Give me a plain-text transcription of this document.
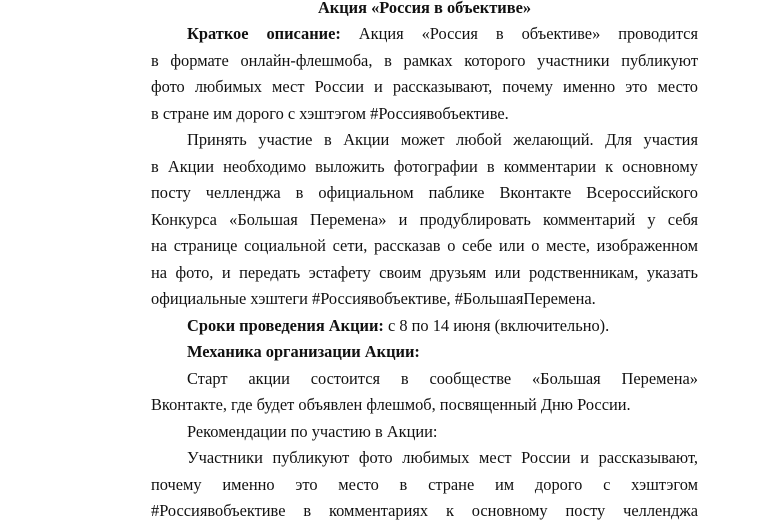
Акция «Россия в объективе»
Краткое описание: Акция «Россия в объективе» проводится
в формате онлайн-флешмоба, в рамках которого участники публикуют
фото любимых мест России и рассказывают, почему именно это место
в стране им дорого с хэштэгом #Россиявобъективе.
Принять участие в Акции может любой желающий. Для участия
в Акции необходимо выложить фотографии в комментарии к основному
посту челленджа в официальном паблике Вконтакте Всероссийского
Конкурса «Большая Перемена» и продублировать комментарий у себя
на странице социальной сети, рассказав о себе или о месте, изображенном
на фото, и передать эстафету своим друзьям или родственникам, указать
официальные хэштеги #Россиявобъективе, #БольшаяПеремена.
Сроки проведения Акции: с 8 по 14 июня (включительно).
Механика организации Акции:
Старт акции состоится в сообществе «Большая Перемена»
Вконтакте, где будет объявлен флешмоб, посвященный Дню России.
Рекомендации по участию в Акции:
Участники публикуют фото любимых мест России и рассказывают,
почему именно это место в стране им дорого с хэштэгом
#Россиявобъективе в комментариях к основному посту челленджа
